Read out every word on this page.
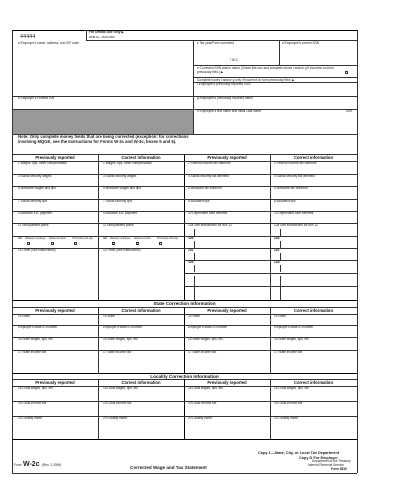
44444
For Official Use Only ▶
OMB No. 1545-0008
a Employer's name, address, and ZIP code	c Tax year/Form corrected	d Employee's correct SSN
/ W-2
e Corrected SSN and/or name (Check this box and complete boxes f and/or g if incorrect on form previously filed.) ▶
Complete boxes f and/or g only if incorrect on form previously filed. ▶
f Employee's previously reported SSN
b Employer's Federal EIN	g Employee's previously reported name
h Employee's first name and initial Last name	Suff.
Note: Only complete money fields that are being corrected (exception: for corrections involving MQGE, see the Instructions for Forms W-2c and W-3c, boxes 5 and 6).
Previously reported	Correct information	Previously reported	Correct information
1 Wages, tips, other compensation	1 Wages, tips, other compensation	2 Federal income tax withheld	2 Federal income tax withheld
3 Social security wages	3 Social security wages	4 Social security tax withheld	4 Social security tax withheld
5 Medicare wages and tips	5 Medicare wages and tips	6 Medicare tax withheld	6 Medicare tax withheld
7 Social security tips	7 Social security tips	8 Allocated tips	8 Allocated tips
9 Advance EIC payment	9 Advance EIC payment	10 Dependent care benefits	10 Dependent care benefits
11 Nonqualified plans	11 Nonqualified plans	12a See instructions for box 12	12a See instructions for box 12
13 Statutory employee Retirement plan	Third-party sick pay	13 Statutory employee Retirement plan	Third-party sick pay
14 Other (see instructions)	14 Other (see instructions)
12b	12b
12c	12c
12d	12d
State Correction Information
Previously reported	Correct information	Previously reported	Correct information
15 State	15 State	15 State	15 State
Employer's state ID number	Employer's state ID number	Employer's state ID number	Employer's state ID number
16 State wages, tips, etc.	16 State wages, tips, etc.	16 State wages, tips, etc.	16 State wages, tips, etc.
17 State income tax	17 State income tax	17 State income tax	17 State income tax
Locality Correction Information
Previously reported	Correct information	Previously reported	Correct information
18 Local wages, tips, etc.	18 Local wages, tips, etc.	18 Local wages, tips, etc.	18 Local wages, tips, etc.
19 Local income tax	19 Local income tax	19 Local income tax	19 Local income tax
20 Locality name	20 Locality name	20 Locality name	20 Locality name
Form W-2c (Rev. 2-2009)	Corrected Wage and Tax Statement
Copy 1—State, City, or Local Tax Department
Copy D For Employer
Department of the Treasury
Internal Revenue Service
Form 8510
